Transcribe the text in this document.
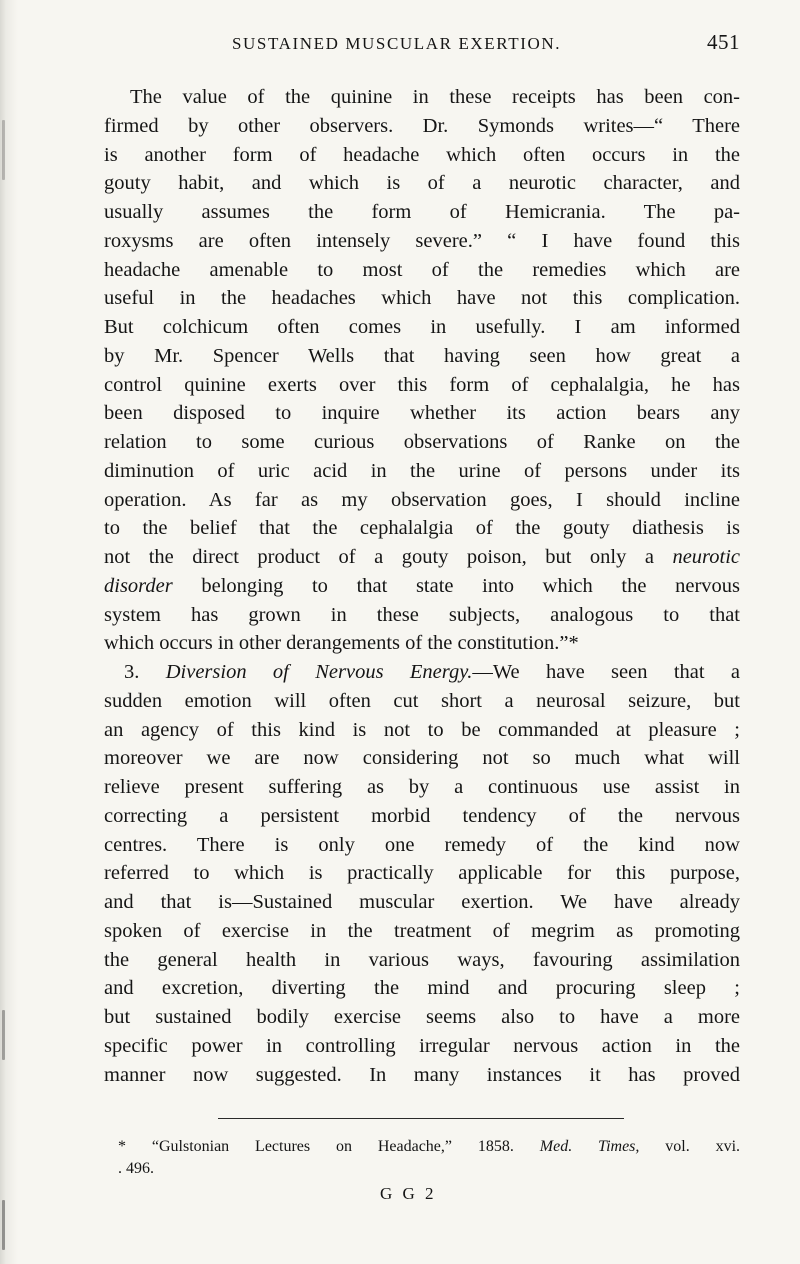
SUSTAINED MUSCULAR EXERTION.	451
The value of the quinine in these receipts has been con-
firmed by other observers. Dr. Symonds writes—“ There
is another form of headache which often occurs in the
gouty habit, and which is of a neurotic character, and
usually assumes the form of Hemicrania. The pa-
roxysms are often intensely severe.” “ I have found this
headache amenable to most of the remedies which are
useful in the headaches which have not this complication.
But colchicum often comes in usefully. I am informed
by Mr. Spencer Wells that having seen how great a
control quinine exerts over this form of cephalalgia, he has
been disposed to inquire whether its action bears any
relation to some curious observations of Ranke on the
diminution of uric acid in the urine of persons under its
operation. As far as my observation goes, I should incline
to the belief that the cephalalgia of the gouty diathesis is
not the direct product of a gouty poison, but only a neurotic
disorder belonging to that state into which the nervous
system has grown in these subjects, analogous to that
which occurs in other derangements of the constitution.”*
3. Diversion of Nervous Energy.—We have seen that a
sudden emotion will often cut short a neurosal seizure, but
an agency of this kind is not to be commanded at pleasure ;
moreover we are now considering not so much what will
relieve present suffering as by a continuous use assist in
correcting a persistent morbid tendency of the nervous
centres. There is only one remedy of the kind now
referred to which is practically applicable for this purpose,
and that is—Sustained muscular exertion. We have already
spoken of exercise in the treatment of megrim as promoting
the general health in various ways, favouring assimilation
and excretion, diverting the mind and procuring sleep ;
but sustained bodily exercise seems also to have a more
specific power in controlling irregular nervous action in the
manner now suggested. In many instances it has proved
* “Gulstonian Lectures on Headache,” 1858. Med. Times, vol. xvi.
. 496.
G G 2
